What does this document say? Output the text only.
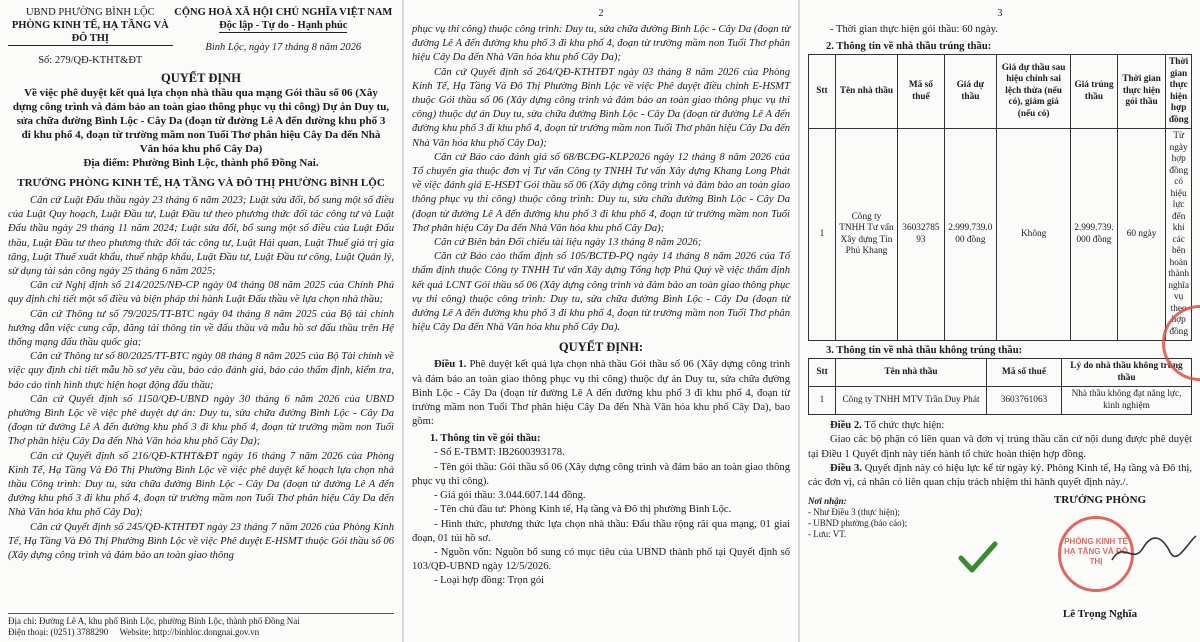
UBND PHƯỜNG BÌNH LỘC
PHÒNG KINH TẾ, HẠ TẦNG VÀ ĐÔ THỊ
Số: 279/QĐ-KTHT&ĐT
CỘNG HOÀ XÃ HỘI CHỦ NGHĨA VIỆT NAM
Độc lập - Tự do - Hạnh phúc
Bình Lộc, ngày 17 tháng 8 năm 2026
QUYẾT ĐỊNH
Về việc phê duyệt kết quả lựa chọn nhà thầu qua mạng Gói thầu số 06 (Xây dựng công trình và đảm bảo an toàn giao thông phục vụ thi công) Dự án Duy tu, sửa chữa đường Bình Lộc - Cây Da (đoạn từ đường Lê A đến đường khu phố 3 đi khu phố 4, đoạn từ trường mầm non Tuổi Thơ phân hiệu Cây Da đến Nhà Văn hóa khu phố Cây Da)
Địa điểm: Phường Bình Lộc, thành phố Đồng Nai.
TRƯỞNG PHÒNG KINH TẾ, HẠ TẦNG VÀ ĐÔ THỊ PHƯỜNG BÌNH LỘC

Căn cứ Luật Đấu thầu ngày 23 tháng 6 năm 2023; Luật sửa đổi, bổ sung một số điều của Luật Quy hoạch, Luật Đầu tư, Luật Đầu tư theo phương thức đối tác công tư và Luật Đấu thầu ngày 29 tháng 11 năm 2024; Luật sửa đổi, bổ sung một số điều của Luật Đấu thầu, Luật Đầu tư theo phương thức đối tác công tư, Luật Hải quan, Luật Thuế giá trị gia tăng, Luật Thuế xuất khẩu, thuế nhập khẩu, Luật Đầu tư, Luật Đầu tư công, Luật Quản lý, sử dụng tài sản công ngày 25 tháng 6 năm 2025;

Căn cứ Nghị định số 214/2025/NĐ-CP ngày 04 tháng 08 năm 2025 của Chính Phủ quy định chi tiết một số điều và biện pháp thi hành Luật Đấu thầu về lựa chọn nhà thầu;

Căn cứ Thông tư số 79/2025/TT-BTC ngày 04 tháng 8 năm 2025 của Bộ tài chính hướng dẫn việc cung cấp, đăng tải thông tin về đấu thầu và mẫu hồ sơ đấu thầu trên Hệ thống mạng đấu thầu quốc gia;

Căn cứ Thông tư số 80/2025/TT-BTC ngày 08 tháng 8 năm 2025 của Bộ Tài chính về việc quy định chi tiết mẫu hồ sơ yêu cầu, báo cáo đánh giá, báo cáo thẩm định, kiểm tra, báo cáo tình hình thực hiện hoạt động đấu thầu;

Căn cứ Quyết định số 1150/QĐ-UBND ngày 30 tháng 6 năm 2026 của UBND phường Bình Lộc về việc phê duyệt dự án: Duy tu, sửa chữa đường Bình Lộc - Cây Da (đoạn từ đường Lê A đến đường khu phố 3 đi khu phố 4, đoạn từ trường mầm non Tuổi Thơ phân hiệu Cây Da đến Nhà Văn hóa khu phố Cây Da);

Căn cứ Quyết định số 216/QĐ-KTHT&ĐT ngày 16 tháng 7 năm 2026 của Phòng Kinh Tế, Hạ Tầng Và Đô Thị Phường Bình Lộc về việc phê duyệt kế hoạch lựa chọn nhà thầu Công trình: Duy tu, sửa chữa đường Bình Lộc - Cây Da (đoạn từ đường Lê A đến đường khu phố 3 đi khu phố 4, đoạn từ trường mầm non Tuổi Thơ phân hiệu Cây Da đến Nhà Văn hóa khu phố Cây Da);

Căn cứ Quyết định số 245/QĐ-KTHTĐT ngày 23 tháng 7 năm 2026 của Phòng Kinh Tế, Hạ Tầng Và Đô Thị Phường Bình Lộc về việc Phê duyệt E-HSMT thuộc Gói thầu số 06 (Xây dựng công trình và đảm bảo an toàn giao thông

Địa chỉ: Đường Lê A, khu phố Bình Lộc, phường Bình Lộc, thành phố Đồng Nai
Điện thoại: (0251) 3788290 Website: http://binhloc.dongnai.gov.vn
2

phục vụ thi công) thuộc công trình: Duy tu, sửa chữa đường Bình Lộc - Cây Da (đoạn từ đường Lê A đến đường khu phố 3 đi khu phố 4, đoạn từ trường mầm non Tuổi Thơ phân hiệu Cây Da đến Nhà Văn hóa khu phố Cây Da);

Căn cứ Quyết định số 264/QĐ-KTHTĐT ngày 03 tháng 8 năm 2026 của Phòng Kinh Tế, Hạ Tầng Và Đô Thị Phường Bình Lộc về việc Phê duyệt điều chỉnh E-HSMT thuộc Gói thầu số 06 (Xây dựng công trình và đảm bảo an toàn giao thông phục vụ thi công) thuộc dự án Duy tu, sửa chữa đường Bình Lộc - Cây Da (đoạn từ đường Lê A đến đường khu phố 3 đi khu phố 4, đoạn từ trường mầm non Tuổi Thơ phân hiệu Cây Da đến Nhà Văn hóa khu phố Cây Da);

Căn cứ Báo cáo đánh giá số 68/BCĐG-KLP2026 ngày 12 tháng 8 năm 2026 của Tổ chuyên gia thuộc đơn vị Tư vấn Công ty TNHH Tư vấn Xây dựng Khang Long Phát về việc đánh giá E-HSĐT Gói thầu số 06 (Xây dựng công trình và đảm bảo an toàn giao thông phục vụ thi công) thuộc công trình: Duy tu, sửa chữa đường Bình Lộc - Cây Da (đoạn từ đường Lê A đến đường khu phố 3 đi khu phố 4, đoạn từ trường mầm non Tuổi Thơ phân hiệu Cây Da đến Nhà Văn hóa khu phố Cây Da);

Căn cứ Biên bản Đối chiếu tài liệu ngày 13 tháng 8 năm 2026;

Căn cứ Báo cáo thẩm định số 105/BCTĐ-PQ ngày 14 tháng 8 năm 2026 của Tổ thẩm định thuộc Công ty TNHH Tư vấn Xây dựng Tổng hợp Phú Quý về việc thẩm định kết quả LCNT Gói thầu số 06 (Xây dựng công trình và đảm bảo an toàn giao thông phục vụ thi công) thuộc công trình: Duy tu, sửa chữa đường Bình Lộc - Cây Da (đoạn từ đường Lê A đến đường khu phố 3 đi khu phố 4, đoạn từ trường mầm non Tuổi Thơ phân hiệu Cây Da đến Nhà Văn hóa khu phố Cây Da).

QUYẾT ĐỊNH:

Điều 1. Phê duyệt kết quả lựa chọn nhà thầu Gói thầu số 06 (Xây dựng công trình và đảm bảo an toàn giao thông phục vụ thi công) thuộc dự án Duy tu, sửa chữa đường Bình Lộc - Cây Da (đoạn từ đường Lê A đến đường khu phố 3 đi khu phố 4, đoạn từ trường mầm non Tuổi Thơ phân hiệu Cây Da đến Nhà Văn hóa khu phố Cây Da), bao gồm:

1. Thông tin về gói thầu:

- Số E-TBMT: IB2600393178.

- Tên gói thầu: Gói thầu số 06 (Xây dựng công trình và đảm bảo an toàn giao thông phục vụ thi công).

- Giá gói thầu: 3.044.607.144 đồng.

- Tên chủ đầu tư: Phòng Kinh tế, Hạ tầng và Đô thị phường Bình Lộc.

- Hình thức, phương thức lựa chọn nhà thầu: Đấu thầu rộng rãi qua mạng, 01 giai đoạn, 01 túi hồ sơ.

- Nguồn vốn: Nguồn bổ sung có mục tiêu của UBND thành phố tại Quyết định số 103/QĐ-UBND ngày 12/5/2026.

- Loại hợp đồng: Trọn gói

3

- Thời gian thực hiện gói thầu: 60 ngày.

2. Thông tin về nhà thầu trúng thầu:
Stt	Tên nhà thầu	Mã số thuế	Giá dự thầu	Giá dự thầu sau hiệu chỉnh sai lệch thừa (nếu có), giảm giá (nếu có)	Giá trúng thầu	Thời gian thực hiện gói thầu	Thời gian thực hiện hợp đồng
1	Công ty TNHH Tư vấn Xây dựng Tín Phú Khang	3603278593	2.999.739.000 đồng	Không	2.999.739.000 đồng	60 ngày	Từ ngày hợp đồng có hiệu lực đến khi các bên hoàn thành nghĩa vụ theo hợp đồng
3. Thông tin về nhà thầu không trúng thầu:
Stt	Tên nhà thầu	Mã số thuế	Lý do nhà thầu không trúng thầu
1	Công ty TNHH MTV Trần Duy Phát	3603761063	Nhà thầu không đạt năng lực, kinh nghiệm

Điều 2. Tổ chức thực hiện:

Giao các bộ phận có liên quan và đơn vị trúng thầu căn cứ nội dung được phê duyệt tại Điều 1 Quyết định này tiến hành tổ chức hoàn thiện hợp đồng.

Điều 3. Quyết định này có hiệu lực kể từ ngày ký. Phòng Kinh tế, Hạ tầng và Đô thị, các đơn vị, cá nhân có liên quan chịu trách nhiệm thi hành quyết định này./.

Nơi nhận:
- Như Điều 3 (thực hiện);
- UBND phường (báo cáo);
- Lưu: VT.
TRƯỞNG PHÒNG
PHÒNG KINH TẾ HẠ TẦNG VÀ ĐÔ THỊ
Lê Trọng Nghĩa
